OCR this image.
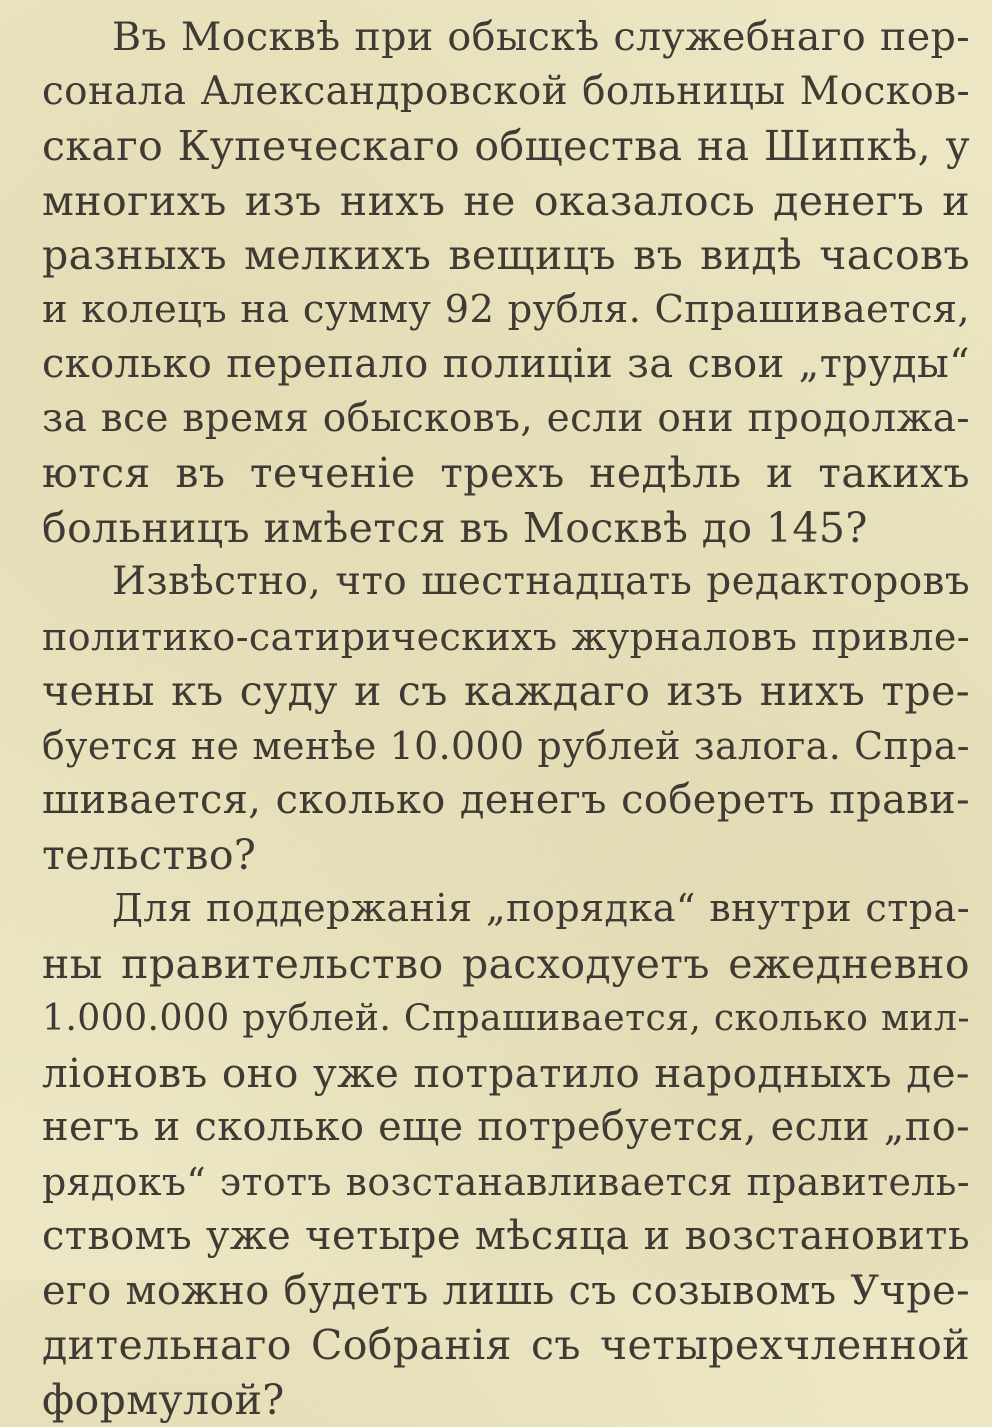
Въ Москвѣ при обыскѣ служебнаго пер-
сонала Александровской больницы Москов-
скаго Купеческаго общества на Шипкѣ, у
многихъ изъ нихъ не оказалось денегъ и
разныхъ мелкихъ вещицъ въ видѣ часовъ
и колецъ на сумму 92 рубля. Спрашивается,
сколько перепало полиціи за свои „труды“
за все время обысковъ, если они продолжа-
ются въ теченіе трехъ недѣль и такихъ
больницъ имѣется въ Москвѣ до 145?

Извѣстно, что шестнадцать редакторовъ
политико-сатирическихъ журналовъ привле-
чены къ суду и съ каждаго изъ нихъ тре-
буется не менѣе 10.000 рублей залога. Спра-
шивается, сколько денегъ соберетъ прави-
тельство?

Для поддержанія „порядка“ внутри стра-
ны правительство расходуетъ ежедневно
1.000.000 рублей. Спрашивается, сколько мил-
ліоновъ оно уже потратило народныхъ де-
негъ и сколько еще потребуется, если „по-
рядокъ“ этотъ возстанавливается правитель-
ствомъ уже четыре мѣсяца и возстановить
его можно будетъ лишь съ созывомъ Учре-
дительнаго Собранія съ четырехчленной
формулой?
